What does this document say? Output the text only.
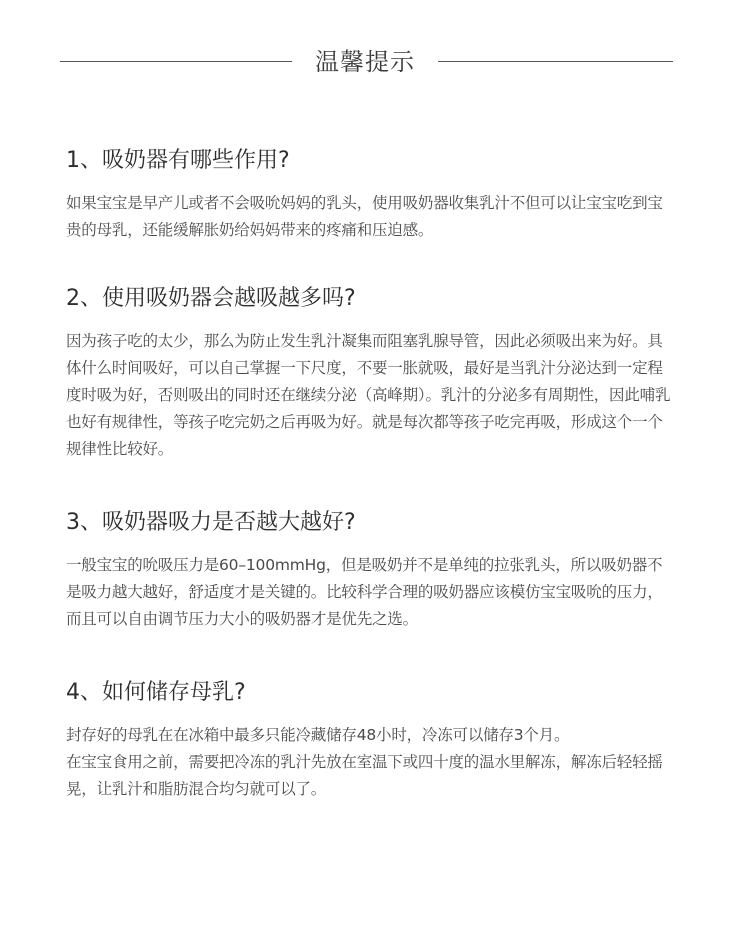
温馨提示
1、吸奶器有哪些作用?

如果宝宝是早产儿或者不会吸吮妈妈的乳头，使用吸奶器收集乳汁不但可以让宝宝吃到宝贵的母乳，还能缓解胀奶给妈妈带来的疼痛和压迫感。

2、使用吸奶器会越吸越多吗?

因为孩子吃的太少，那么为防止发生乳汁凝集而阻塞乳腺导管，因此必须吸出来为好。具体什么时间吸好，可以自己掌握一下尺度，不要一胀就吸，最好是当乳汁分泌达到一定程度时吸为好，否则吸出的同时还在继续分泌（高峰期）。乳汁的分泌多有周期性，因此哺乳也好有规律性，等孩子吃完奶之后再吸为好。就是每次都等孩子吃完再吸，形成这个一个规律性比较好。

3、吸奶器吸力是否越大越好?

一般宝宝的吮吸压力是60–100mmHg，但是吸奶并不是单纯的拉张乳头，所以吸奶器不是吸力越大越好，舒适度才是关键的。比较科学合理的吸奶器应该模仿宝宝吸吮的压力，而且可以自由调节压力大小的吸奶器才是优先之选。

4、如何储存母乳?

封存好的母乳在在冰箱中最多只能冷藏储存48小时，冷冻可以储存3个月。

在宝宝食用之前，需要把冷冻的乳汁先放在室温下或四十度的温水里解冻，解冻后轻轻摇晃，让乳汁和脂肪混合均匀就可以了。
